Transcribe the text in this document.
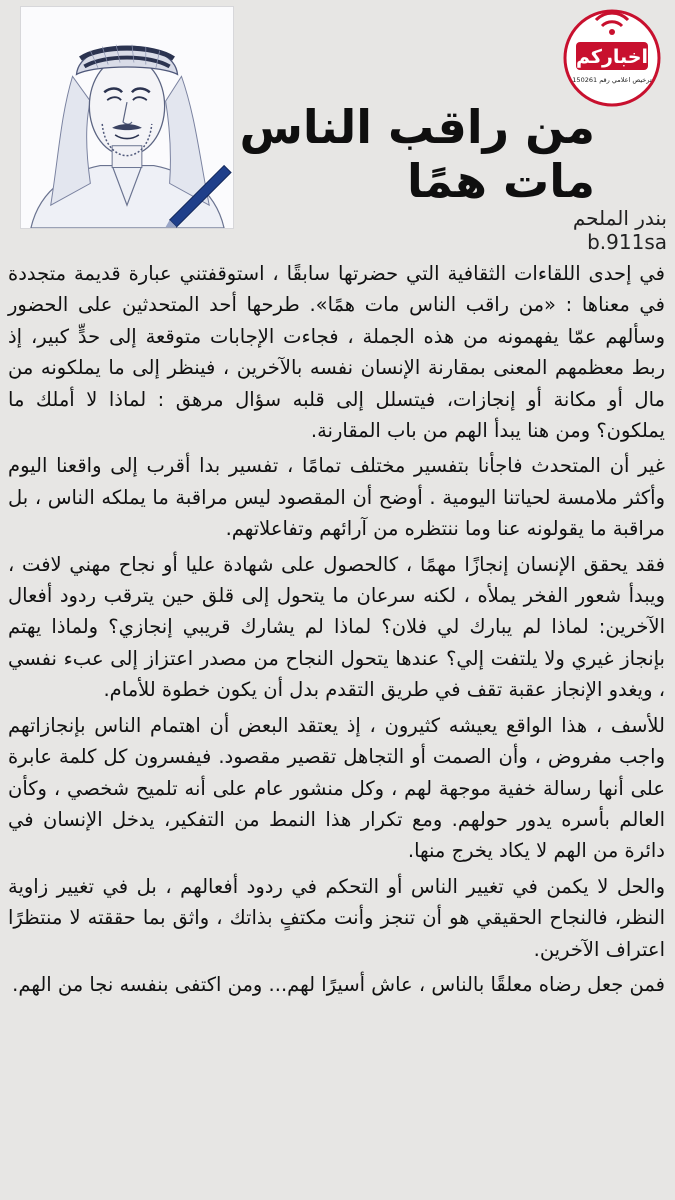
اخباركم
ترخيص اعلامي رقم 150261
من راقب الناس مات همًا
بندر الملحم
b.911sa

في إحدى اللقاءات الثقافية التي حضرتها سابقًا ، استوقفتني عبارة قديمة متجددة في معناها : «من راقب الناس مات همًا». طرحها أحد المتحدثين على الحضور وسألهم عمّا يفهمونه من هذه الجملة ، فجاءت الإجابات متوقعة إلى حدٍّ كبير، إذ ربط معظمهم المعنى بمقارنة الإنسان نفسه بالآخرين ، فينظر إلى ما يملكونه من مال أو مكانة أو إنجازات، فيتسلل إلى قلبه سؤال مرهق : لماذا لا أملك ما يملكون؟ ومن هنا يبدأ الهم من باب المقارنة.

غير أن المتحدث فاجأنا بتفسير مختلف تمامًا ، تفسير بدا أقرب إلى واقعنا اليوم وأكثر ملامسة لحياتنا اليومية . أوضح أن المقصود ليس مراقبة ما يملكه الناس ، بل مراقبة ما يقولونه عنا وما ننتظره من آرائهم وتفاعلاتهم.

فقد يحقق الإنسان إنجازًا مهمًا ، كالحصول على شهادة عليا أو نجاح مهني لافت ، ويبدأ شعور الفخر يملأه ، لكنه سرعان ما يتحول إلى قلق حين يترقب ردود أفعال الآخرين: لماذا لم يبارك لي فلان؟ لماذا لم يشارك قريبي إنجازي؟ ولماذا يهتم بإنجاز غيري ولا يلتفت إلي؟ عندها يتحول النجاح من مصدر اعتزاز إلى عبء نفسي ، ويغدو الإنجاز عقبة تقف في طريق التقدم بدل أن يكون خطوة للأمام.

للأسف ، هذا الواقع يعيشه كثيرون ، إذ يعتقد البعض أن اهتمام الناس بإنجازاتهم واجب مفروض ، وأن الصمت أو التجاهل تقصير مقصود. فيفسرون كل كلمة عابرة على أنها رسالة خفية موجهة لهم ، وكل منشور عام على أنه تلميح شخصي ، وكأن العالم بأسره يدور حولهم. ومع تكرار هذا النمط من التفكير، يدخل الإنسان في دائرة من الهم لا يكاد يخرج منها.

والحل لا يكمن في تغيير الناس أو التحكم في ردود أفعالهم ، بل في تغيير زاوية النظر، فالنجاح الحقيقي هو أن تنجز وأنت مكتفٍ بذاتك ، واثق بما حققته لا منتظرًا اعتراف الآخرين.

فمن جعل رضاه معلقًا بالناس ، عاش أسيرًا لهم... ومن اكتفى بنفسه نجا من الهم.
